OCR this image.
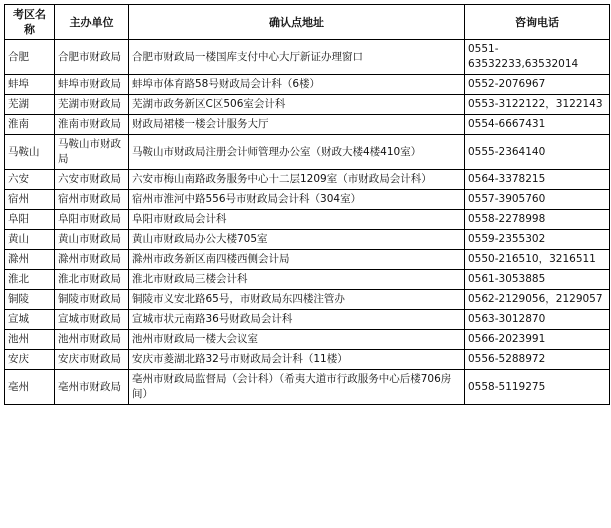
考区名称	主办单位	确认点地址	咨询电话
合肥	合肥市财政局	合肥市财政局一楼国库支付中心大厅新证办理窗口	0551-63532233,63532014
蚌埠	蚌埠市财政局	蚌埠市体育路58号财政局会计科（6楼）	0552-2076967
芜湖	芜湖市财政局	芜湖市政务新区C区506室会计科	0553-3122122，3122143
淮南	淮南市财政局	财政局裙楼一楼会计服务大厅	0554-6667431
马鞍山	马鞍山市财政局	马鞍山市财政局注册会计师管理办公室（财政大楼4楼410室）	0555-2364140
六安	六安市财政局	六安市梅山南路政务服务中心十二层1209室（市财政局会计科）	0564-3378215
宿州	宿州市财政局	宿州市淮河中路556号市财政局会计科（304室）	0557-3905760
阜阳	阜阳市财政局	阜阳市财政局会计科	0558-2278998
黄山	黄山市财政局	黄山市财政局办公大楼705室	0559-2355302
滁州	滁州市财政局	滁州市政务新区南四楼西侧会计局	0550-216510，3216511
淮北	淮北市财政局	淮北市财政局三楼会计科	0561-3053885
铜陵	铜陵市财政局	铜陵市义安北路65号，市财政局东四楼注管办	0562-2129056，2129057
宣城	宣城市财政局	宣城市状元南路36号财政局会计科	0563-3012870
池州	池州市财政局	池州市财政局一楼大会议室	0566-2023991
安庆	安庆市财政局	安庆市菱湖北路32号市财政局会计科（11楼）	0556-5288972
亳州	亳州市财政局	亳州市财政局监督局（会计科）（希夷大道市行政服务中心后楼706房间）	0558-5119275
